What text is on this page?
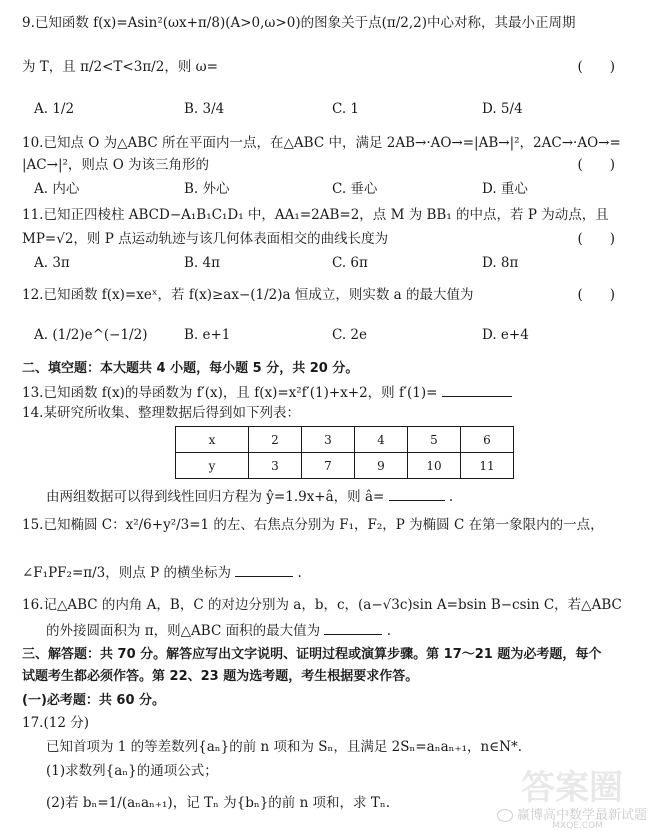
9.已知函数 f(x)=Asin²(ωx+π/8)(A>0,ω>0)的图象关于点(π/2,2)中心对称，其最小正周期
为 T，且 π/2<T<3π/2，则 ω=	(　　)
A. 1/2	B. 3/4	C. 1	D. 5/4
10.已知点 O 为△ABC 所在平面内一点，在△ABC 中，满足 2AB→·AO→=|AB→|²，2AC→·AO→=
|AC→|²，则点 O 为该三角形的	(　　)
A. 内心	B. 外心	C. 垂心	D. 重心
11.已知正四棱柱 ABCD−A₁B₁C₁D₁ 中，AA₁=2AB=2，点 M 为 BB₁ 的中点，若 P 为动点，且
MP=√2，则 P 点运动轨迹与该几何体表面相交的曲线长度为	(　　)
A. 3π	B. 4π	C. 6π	D. 8π
12.已知函数 f(x)=xeˣ，若 f(x)≥ax−(1/2)a 恒成立，则实数 a 的最大值为	(　　)
A. (1/2)e^(−1/2)	B. e+1	C. 2e	D. e+4
二、填空题：本大题共 4 小题，每小题 5 分，共 20 分。
13.已知函数 f(x)的导函数为 f′(x)，且 f(x)=x²f′(1)+x+2，则 f′(1)=
14.某研究所收集、整理数据后得到如下列表：
x	2	3	4	5	6
y	3	7	9	10	11
由两组数据可以得到线性回归方程为 ŷ=1.9x+â，则 â=	.
15.已知椭圆 C：x²/6+y²/3=1 的左、右焦点分别为 F₁，F₂，P 为椭圆 C 在第一象限内的一点，
∠F₁PF₂=π/3，则点 P 的横坐标为	.
16.记△ABC 的内角 A，B，C 的对边分别为 a，b，c，(a−√3c)sin A=bsin B−csin C，若△ABC
的外接圆面积为 π，则△ABC 面积的最大值为	.
三、解答题：共 70 分。解答应写出文字说明、证明过程或演算步骤。第 17～21 题为必考题，每个
试题考生都必须作答。第 22、23 题为选考题，考生根据要求作答。
(一)必考题：共 60 分。
17.(12 分)
已知首项为 1 的等差数列{aₙ}的前 n 项和为 Sₙ，且满足 2Sₙ=aₙaₙ₊₁，n∈N*.
(1)求数列{aₙ}的通项公式；
(2)若 bₙ=1/(aₙaₙ₊₁)，记 Tₙ 为{bₙ}的前 n 项和，求 Tₙ.	答案圈
赢博高中数学最新试题
MXQE.COM
